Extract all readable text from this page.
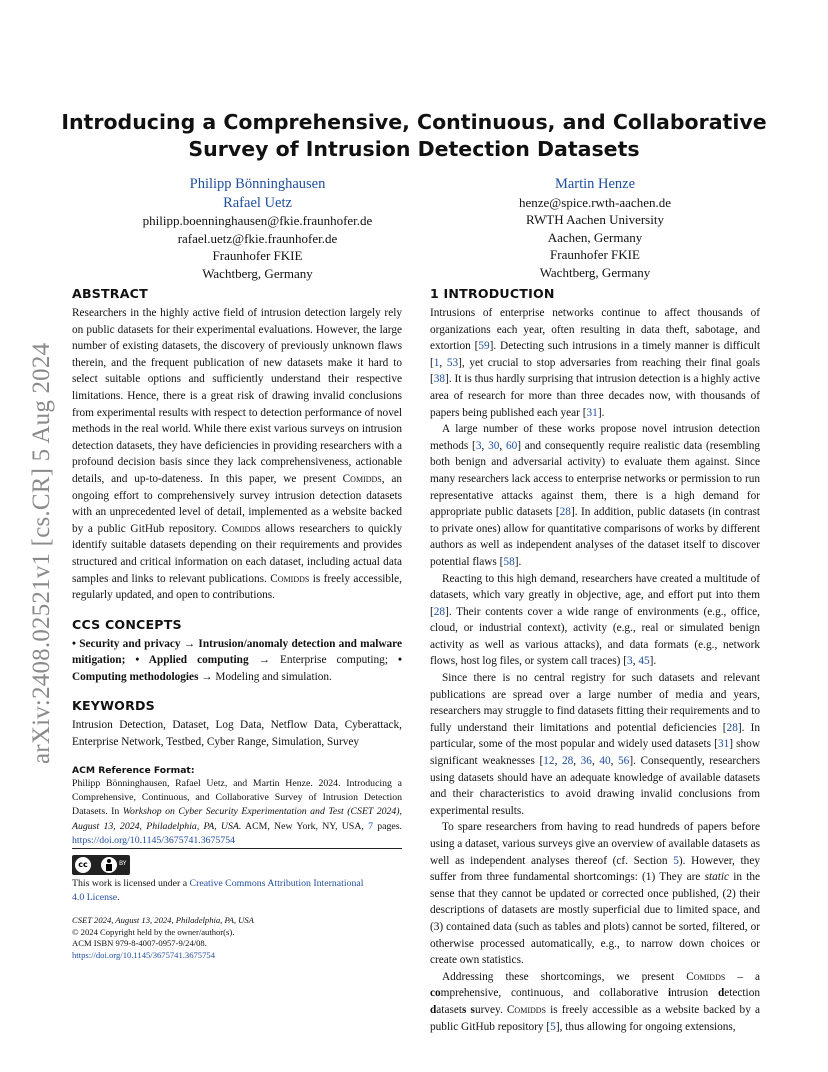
arXiv:2408.02521v1 [cs.CR] 5 Aug 2024
Introducing a Comprehensive, Continuous, and Collaborative
Survey of Intrusion Detection Datasets
Philipp Bönninghausen
Rafael Uetz
philipp.boenninghausen@fkie.fraunhofer.de
rafael.uetz@fkie.fraunhofer.de
Fraunhofer FKIE
Wachtberg, Germany
Martin Henze
henze@spice.rwth-aachen.de
RWTH Aachen University
Aachen, Germany
Fraunhofer FKIE
Wachtberg, Germany
ABSTRACT
Researchers in the highly active field of intrusion detection largely rely on public datasets for their experimental evaluations. However, the large number of existing datasets, the discovery of previously unknown flaws therein, and the frequent publication of new datasets make it hard to select suitable options and sufficiently understand their respective limitations. Hence, there is a great risk of drawing invalid conclusions from experimental results with respect to detection performance of novel methods in the real world. While there exist various surveys on intrusion detection datasets, they have deficiencies in providing researchers with a profound decision basis since they lack comprehensiveness, actionable details, and up-to-dateness. In this paper, we present Comidds, an ongoing effort to comprehensively survey intrusion detection datasets with an unprecedented level of detail, implemented as a website backed by a public GitHub repository. Comidds allows researchers to quickly identify suitable datasets depending on their requirements and provides structured and critical information on each dataset, including actual data samples and links to relevant publications. Comidds is freely accessible, regularly updated, and open to contributions.
CCS CONCEPTS
• Security and privacy → Intrusion/anomaly detection and malware mitigation; • Applied computing → Enterprise computing; • Computing methodologies → Modeling and simulation.
KEYWORDS
Intrusion Detection, Dataset, Log Data, Netflow Data, Cyberattack, Enterprise Network, Testbed, Cyber Range, Simulation, Survey
ACM Reference Format:
Philipp Bönninghausen, Rafael Uetz, and Martin Henze. 2024. Introducing a Comprehensive, Continuous, and Collaborative Survey of Intrusion Detection Datasets. In Workshop on Cyber Security Experimentation and Test (CSET 2024), August 13, 2024, Philadelphia, PA, USA. ACM, New York, NY, USA, 7 pages. https://doi.org/10.1145/3675741.3675754
cc	BY
This work is licensed under a Creative Commons Attribution International 4.0 License.
CSET 2024, August 13, 2024, Philadelphia, PA, USA
© 2024 Copyright held by the owner/author(s).
ACM ISBN 979-8-4007-0957-9/24/08.
https://doi.org/10.1145/3675741.3675754
1 INTRODUCTION
Intrusions of enterprise networks continue to affect thousands of organizations each year, often resulting in data theft, sabotage, and extortion [59]. Detecting such intrusions in a timely manner is difficult [1, 53], yet crucial to stop adversaries from reaching their final goals [38]. It is thus hardly surprising that intrusion detection is a highly active area of research for more than three decades now, with thousands of papers being published each year [31].
A large number of these works propose novel intrusion detection methods [3, 30, 60] and consequently require realistic data (resembling both benign and adversarial activity) to evaluate them against. Since many researchers lack access to enterprise networks or permission to run representative attacks against them, there is a high demand for appropriate public datasets [28]. In addition, public datasets (in contrast to private ones) allow for quantitative comparisons of works by different authors as well as independent analyses of the dataset itself to discover potential flaws [58].
Reacting to this high demand, researchers have created a multitude of datasets, which vary greatly in objective, age, and effort put into them [28]. Their contents cover a wide range of environments (e.g., office, cloud, or industrial context), activity (e.g., real or simulated benign activity as well as various attacks), and data formats (e.g., network flows, host log files, or system call traces) [3, 45].
Since there is no central registry for such datasets and relevant publications are spread over a large number of media and years, researchers may struggle to find datasets fitting their requirements and to fully understand their limitations and potential deficiencies [28]. In particular, some of the most popular and widely used datasets [31] show significant weaknesses [12, 28, 36, 40, 56]. Consequently, researchers using datasets should have an adequate knowledge of available datasets and their characteristics to avoid drawing invalid conclusions from experimental results.
To spare researchers from having to read hundreds of papers before using a dataset, various surveys give an overview of available datasets as well as independent analyses thereof (cf. Section 5). However, they suffer from three fundamental shortcomings: (1) They are static in the sense that they cannot be updated or corrected once published, (2) their descriptions of datasets are mostly superficial due to limited space, and (3) contained data (such as tables and plots) cannot be sorted, filtered, or otherwise processed automatically, e.g., to narrow down choices or create own statistics.
Addressing these shortcomings, we present Comidds – a comprehensive, continuous, and collaborative intrusion detection datasets survey. Comidds is freely accessible as a website backed by a public GitHub repository [5], thus allowing for ongoing extensions,
